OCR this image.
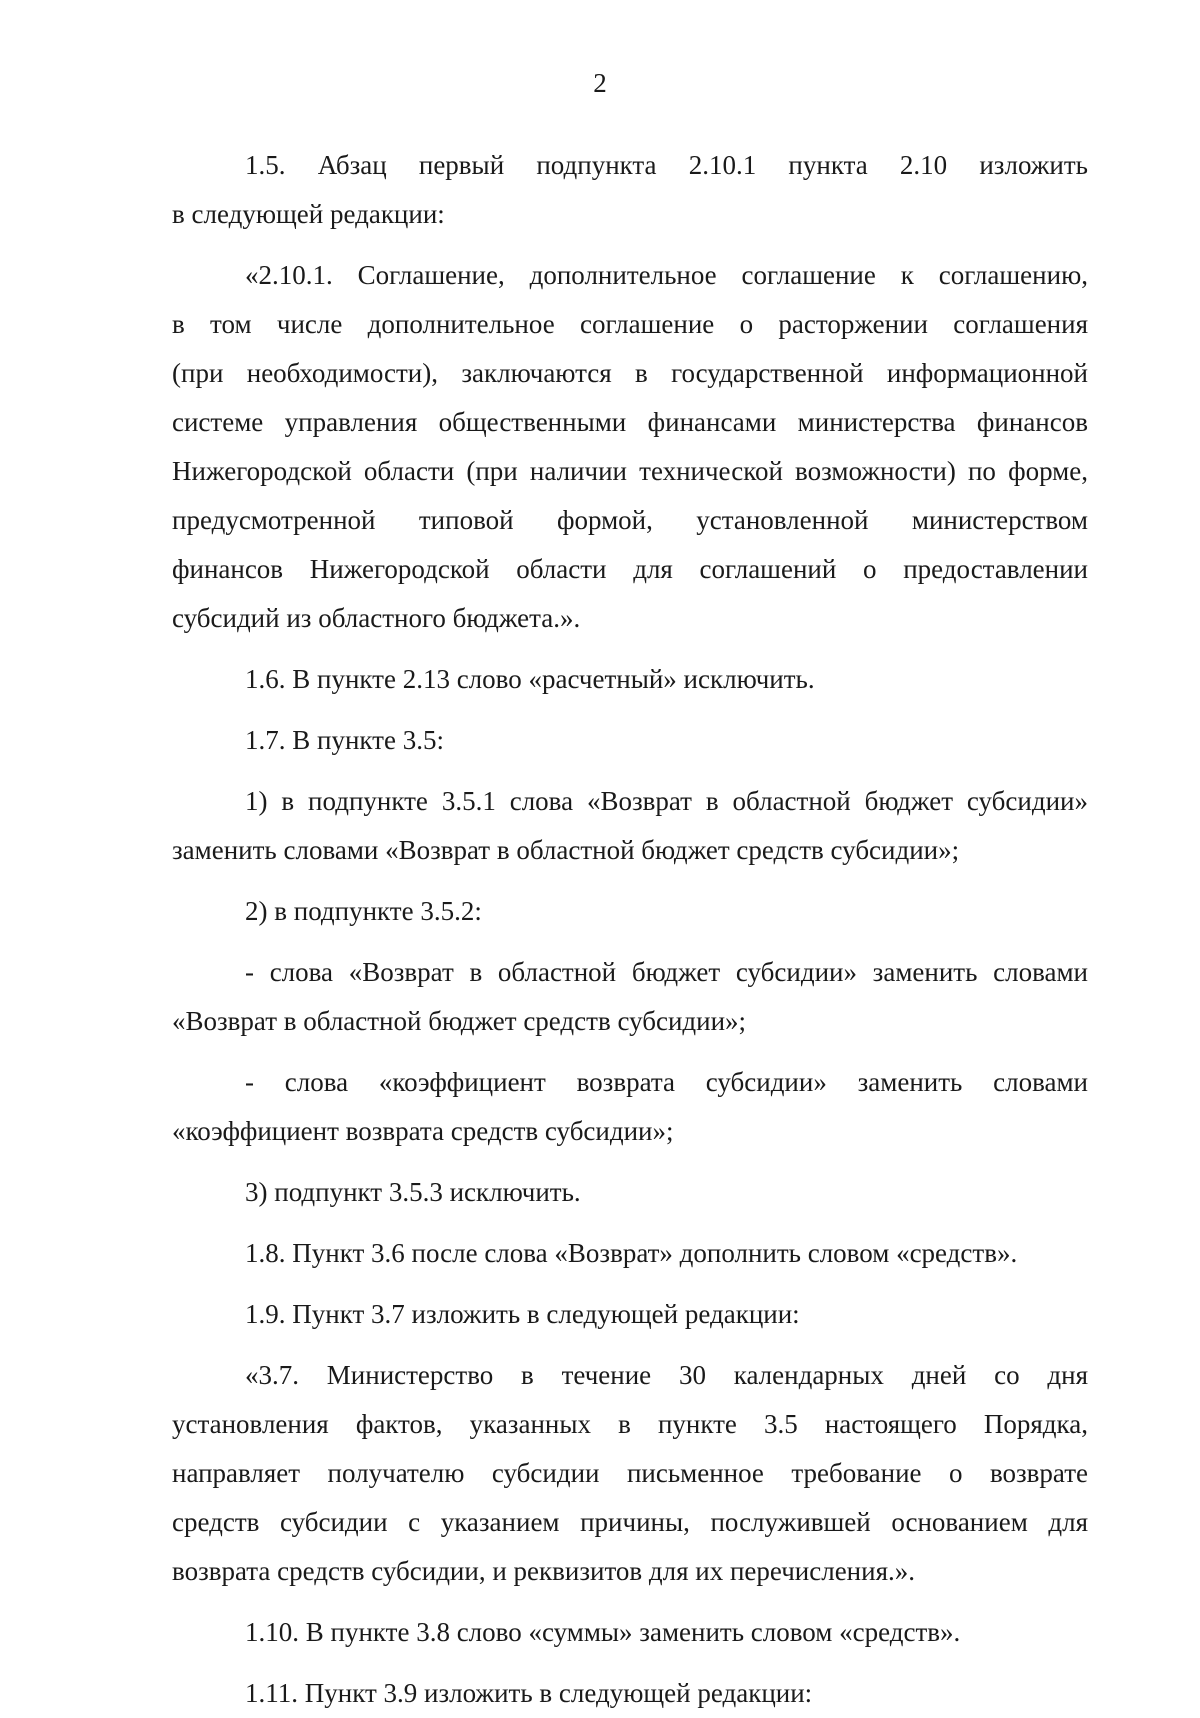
2

1.5. Абзац первый подпункта 2.10.1 пункта 2.10 изложить

в следующей редакции:

«2.10.1. Соглашение, дополнительное соглашение к соглашению,

в том числе дополнительное соглашение о расторжении соглашения

(при необходимости), заключаются в государственной информационной

системе управления общественными финансами министерства финансов

Нижегородской области (при наличии технической возможности) по форме,

предусмотренной типовой формой, установленной министерством

финансов Нижегородской области для соглашений о предоставлении

субсидий из областного бюджета.».

1.6. В пункте 2.13 слово «расчетный» исключить.

1.7. В пункте 3.5:

1) в подпункте 3.5.1 слова «Возврат в областной бюджет субсидии»

заменить словами «Возврат в областной бюджет средств субсидии»;

2) в подпункте 3.5.2:

- слова «Возврат в областной бюджет субсидии» заменить словами

«Возврат в областной бюджет средств субсидии»;

- слова «коэффициент возврата субсидии» заменить словами

«коэффициент возврата средств субсидии»;

3) подпункт 3.5.3 исключить.

1.8. Пункт 3.6 после слова «Возврат» дополнить словом «средств».

1.9. Пункт 3.7 изложить в следующей редакции:

«3.7. Министерство в течение 30 календарных дней со дня

установления фактов, указанных в пункте 3.5 настоящего Порядка,

направляет получателю субсидии письменное требование о возврате

средств субсидии с указанием причины, послужившей основанием для

возврата средств субсидии, и реквизитов для их перечисления.».

1.10. В пункте 3.8 слово «суммы» заменить словом «средств».

1.11. Пункт 3.9 изложить в следующей редакции:
